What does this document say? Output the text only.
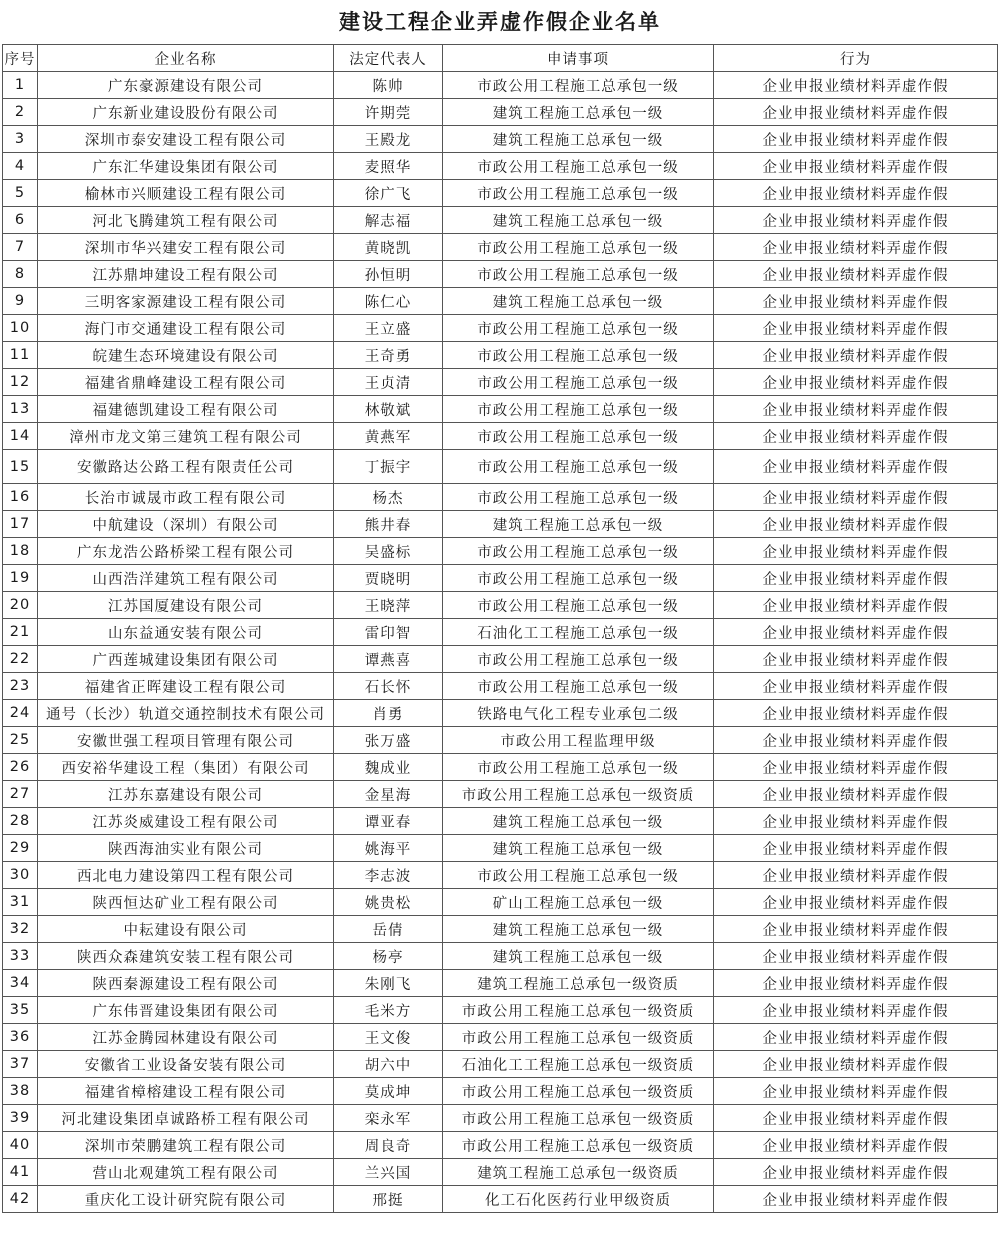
建设工程企业弄虚作假企业名单
序号	企业名称	法定代表人	申请事项	行为
1	广东豪源建设有限公司	陈帅	市政公用工程施工总承包一级	企业申报业绩材料弄虚作假
2	广东新业建设股份有限公司	许期莞	建筑工程施工总承包一级	企业申报业绩材料弄虚作假
3	深圳市泰安建设工程有限公司	王殿龙	建筑工程施工总承包一级	企业申报业绩材料弄虚作假
4	广东汇华建设集团有限公司	麦照华	市政公用工程施工总承包一级	企业申报业绩材料弄虚作假
5	榆林市兴顺建设工程有限公司	徐广飞	市政公用工程施工总承包一级	企业申报业绩材料弄虚作假
6	河北飞腾建筑工程有限公司	解志福	建筑工程施工总承包一级	企业申报业绩材料弄虚作假
7	深圳市华兴建安工程有限公司	黄晓凯	市政公用工程施工总承包一级	企业申报业绩材料弄虚作假
8	江苏鼎坤建设工程有限公司	孙恒明	市政公用工程施工总承包一级	企业申报业绩材料弄虚作假
9	三明客家源建设工程有限公司	陈仁心	建筑工程施工总承包一级	企业申报业绩材料弄虚作假
10	海门市交通建设工程有限公司	王立盛	市政公用工程施工总承包一级	企业申报业绩材料弄虚作假
11	皖建生态环境建设有限公司	王奇勇	市政公用工程施工总承包一级	企业申报业绩材料弄虚作假
12	福建省鼎峰建设工程有限公司	王贞清	市政公用工程施工总承包一级	企业申报业绩材料弄虚作假
13	福建德凯建设工程有限公司	林敬斌	市政公用工程施工总承包一级	企业申报业绩材料弄虚作假
14	漳州市龙文第三建筑工程有限公司	黄燕军	市政公用工程施工总承包一级	企业申报业绩材料弄虚作假
15	安徽路达公路工程有限责任公司	丁振宇	市政公用工程施工总承包一级	企业申报业绩材料弄虚作假
16	长治市诚晟市政工程有限公司	杨杰	市政公用工程施工总承包一级	企业申报业绩材料弄虚作假
17	中航建设（深圳）有限公司	熊井春	建筑工程施工总承包一级	企业申报业绩材料弄虚作假
18	广东龙浩公路桥梁工程有限公司	吴盛标	市政公用工程施工总承包一级	企业申报业绩材料弄虚作假
19	山西浩洋建筑工程有限公司	贾晓明	市政公用工程施工总承包一级	企业申报业绩材料弄虚作假
20	江苏国厦建设有限公司	王晓萍	市政公用工程施工总承包一级	企业申报业绩材料弄虚作假
21	山东益通安装有限公司	雷印智	石油化工工程施工总承包一级	企业申报业绩材料弄虚作假
22	广西莲城建设集团有限公司	谭燕喜	市政公用工程施工总承包一级	企业申报业绩材料弄虚作假
23	福建省正晖建设工程有限公司	石长怀	市政公用工程施工总承包一级	企业申报业绩材料弄虚作假
24	通号（长沙）轨道交通控制技术有限公司	肖勇	铁路电气化工程专业承包二级	企业申报业绩材料弄虚作假
25	安徽世强工程项目管理有限公司	张万盛	市政公用工程监理甲级	企业申报业绩材料弄虚作假
26	西安裕华建设工程（集团）有限公司	魏成业	市政公用工程施工总承包一级	企业申报业绩材料弄虚作假
27	江苏东嘉建设有限公司	金星海	市政公用工程施工总承包一级资质	企业申报业绩材料弄虚作假
28	江苏炎威建设工程有限公司	谭亚春	建筑工程施工总承包一级	企业申报业绩材料弄虚作假
29	陕西海油实业有限公司	姚海平	建筑工程施工总承包一级	企业申报业绩材料弄虚作假
30	西北电力建设第四工程有限公司	李志波	市政公用工程施工总承包一级	企业申报业绩材料弄虚作假
31	陕西恒达矿业工程有限公司	姚贵松	矿山工程施工总承包一级	企业申报业绩材料弄虚作假
32	中耘建设有限公司	岳倩	建筑工程施工总承包一级	企业申报业绩材料弄虚作假
33	陕西众森建筑安装工程有限公司	杨亭	建筑工程施工总承包一级	企业申报业绩材料弄虚作假
34	陕西秦源建设工程有限公司	朱刚飞	建筑工程施工总承包一级资质	企业申报业绩材料弄虚作假
35	广东伟晋建设集团有限公司	毛米方	市政公用工程施工总承包一级资质	企业申报业绩材料弄虚作假
36	江苏金腾园林建设有限公司	王文俊	市政公用工程施工总承包一级资质	企业申报业绩材料弄虚作假
37	安徽省工业设备安装有限公司	胡六中	石油化工工程施工总承包一级资质	企业申报业绩材料弄虚作假
38	福建省樟榕建设工程有限公司	莫成坤	市政公用工程施工总承包一级资质	企业申报业绩材料弄虚作假
39	河北建设集团卓诚路桥工程有限公司	栾永军	市政公用工程施工总承包一级资质	企业申报业绩材料弄虚作假
40	深圳市荣鹏建筑工程有限公司	周良奇	市政公用工程施工总承包一级资质	企业申报业绩材料弄虚作假
41	营山北观建筑工程有限公司	兰兴国	建筑工程施工总承包一级资质	企业申报业绩材料弄虚作假
42	重庆化工设计研究院有限公司	邢挺	化工石化医药行业甲级资质	企业申报业绩材料弄虚作假
